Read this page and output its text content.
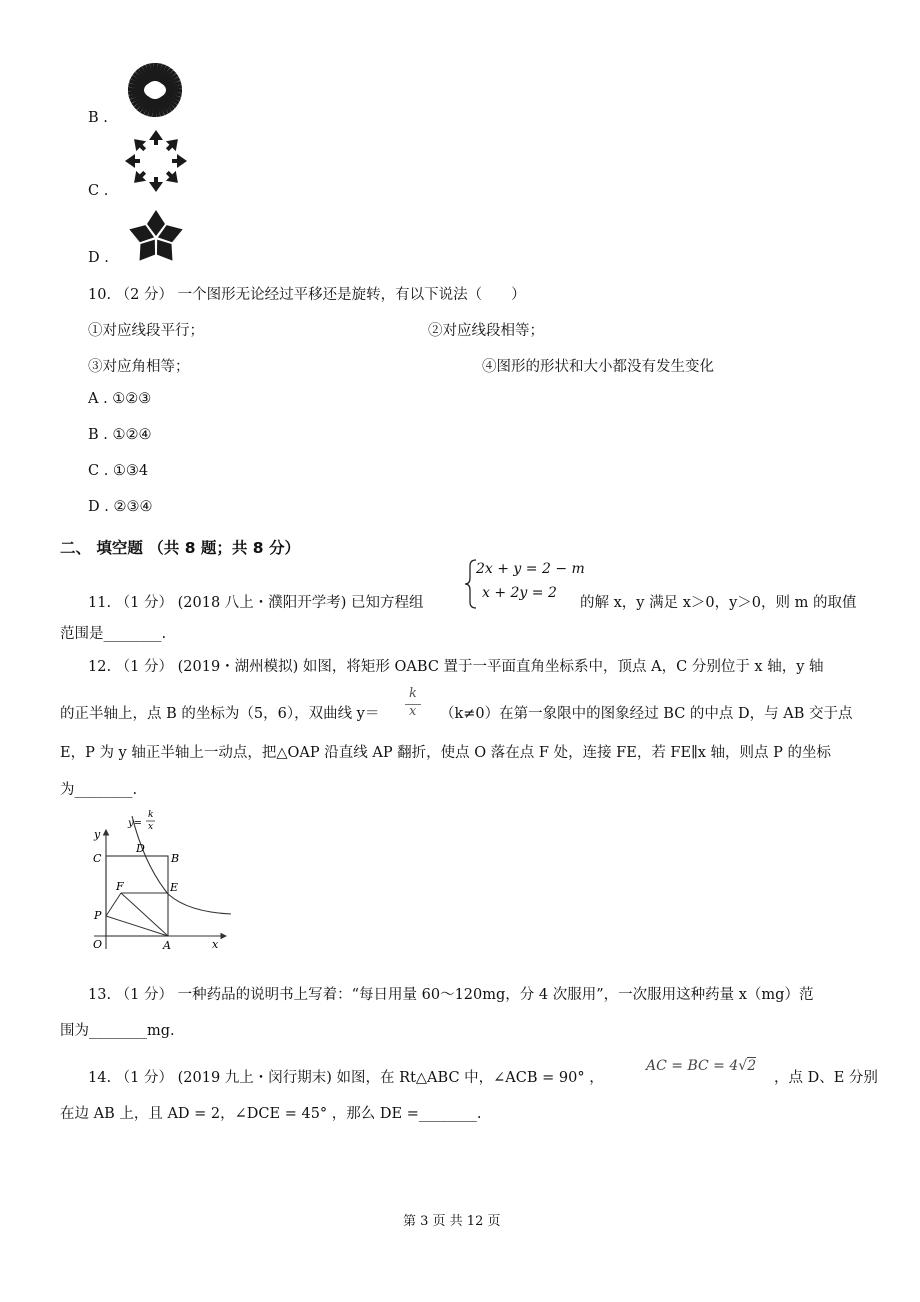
B .
C .
D .
10. （2 分） 一个图形无论经过平移还是旋转，有以下说法（　　）
①对应线段平行；	②对应线段相等；
③对应角相等；	④图形的形状和大小都没有发生变化
A . ①②③
B . ①②④
C . ①③4
D . ②③④
二、 填空题 （共 8 题；共 8 分）
11. （1 分） (2018 八上・濮阳开学考) 已知方程组
2x + y = 2 − m
x + 2y = 2
的解 x，y 满足 x＞0，y＞0，则 m 的取值
范围是________.
12. （1 分） (2019・湖州模拟) 如图，将矩形 OABC 置于一平面直角坐标系中，顶点 A，C 分别位于 x 轴，y 轴
的正半轴上，点 B 的坐标为（5，6），双曲线 y＝
k
x （k≠0）在第一象限中的图象经过 BC 的中点 D，与 AB 交于点
E，P 为 y 轴正半轴上一动点，把△OAP 沿直线 AP 翻折，使点 O 落在点 F 处，连接 FE，若 FE∥x 轴，则点 P 的坐标
为________.
y=
k
x
y
x
O	A
B
C
D
E
F
P
13. （1 分） 一种药品的说明书上写着：“每日用量 60～120mg，分 4 次服用”，一次服用这种药量 x（mg）范
围为________mg.
14. （1 分） (2019 九上・闵行期末) 如图，在 Rt△ABC 中，∠ACB = 90° ，
AC = BC = 4√2
，点 D、E 分别
在边 AB 上，且 AD = 2，∠DCE = 45° ，那么 DE =________.
第 3 页 共 12 页
